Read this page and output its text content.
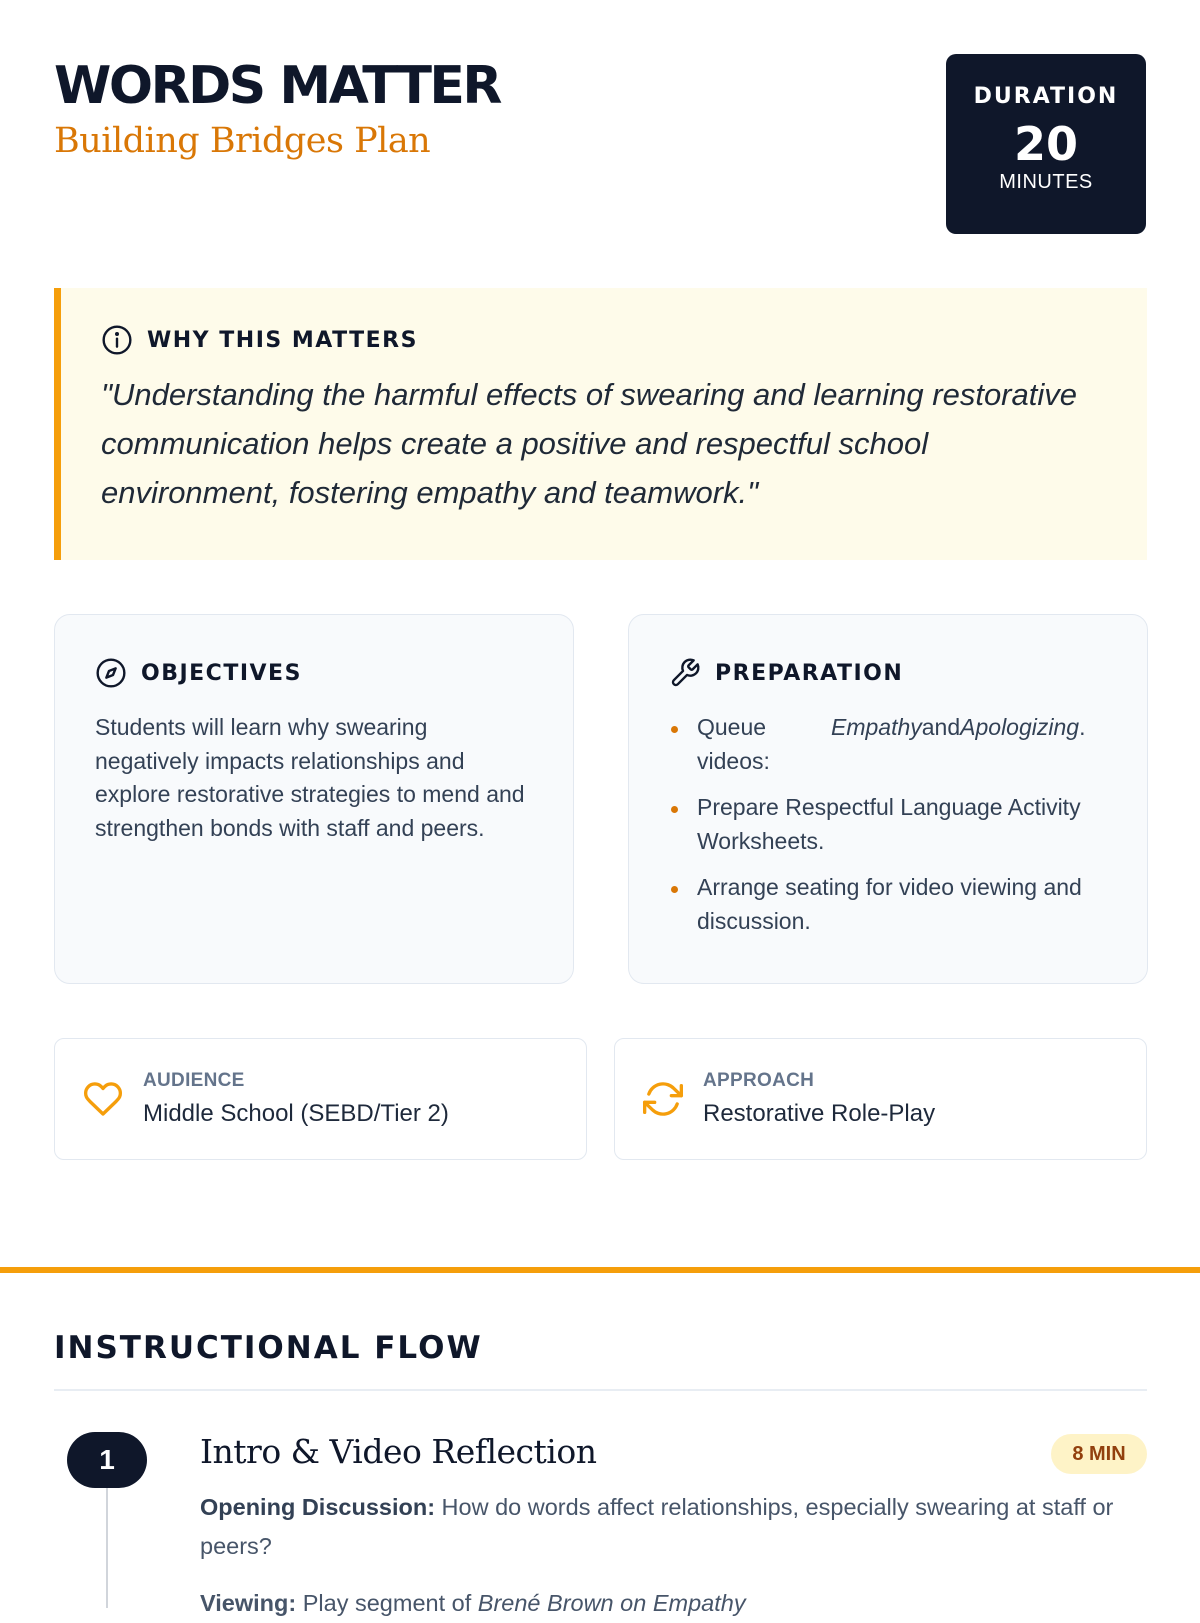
WORDS MATTER
Building Bridges Plan
DURATION
20
MINUTES
WHY THIS MATTERS
"Understanding the harmful effects of swearing and learning restorative communication helps create a positive and respectful school environment, fostering empathy and teamwork."
OBJECTIVES
Students will learn why swearing negatively impacts relationships and explore restorative strategies to mend and strengthen bonds with staff and peers.
PREPARATION
Queue videos:
EmpathyandApologizing.
Prepare Respectful Language Activity Worksheets.
Arrange seating for video viewing and discussion.
AUDIENCE
Middle School (SEBD/Tier 2)
APPROACH
Restorative Role-Play
INSTRUCTIONAL FLOW
1	Intro & Video Reflection	8 MIN
Opening Discussion: How do words affect relationships, especially swearing at staff or peers?
Viewing: Play segment of Brené Brown on Empathy
